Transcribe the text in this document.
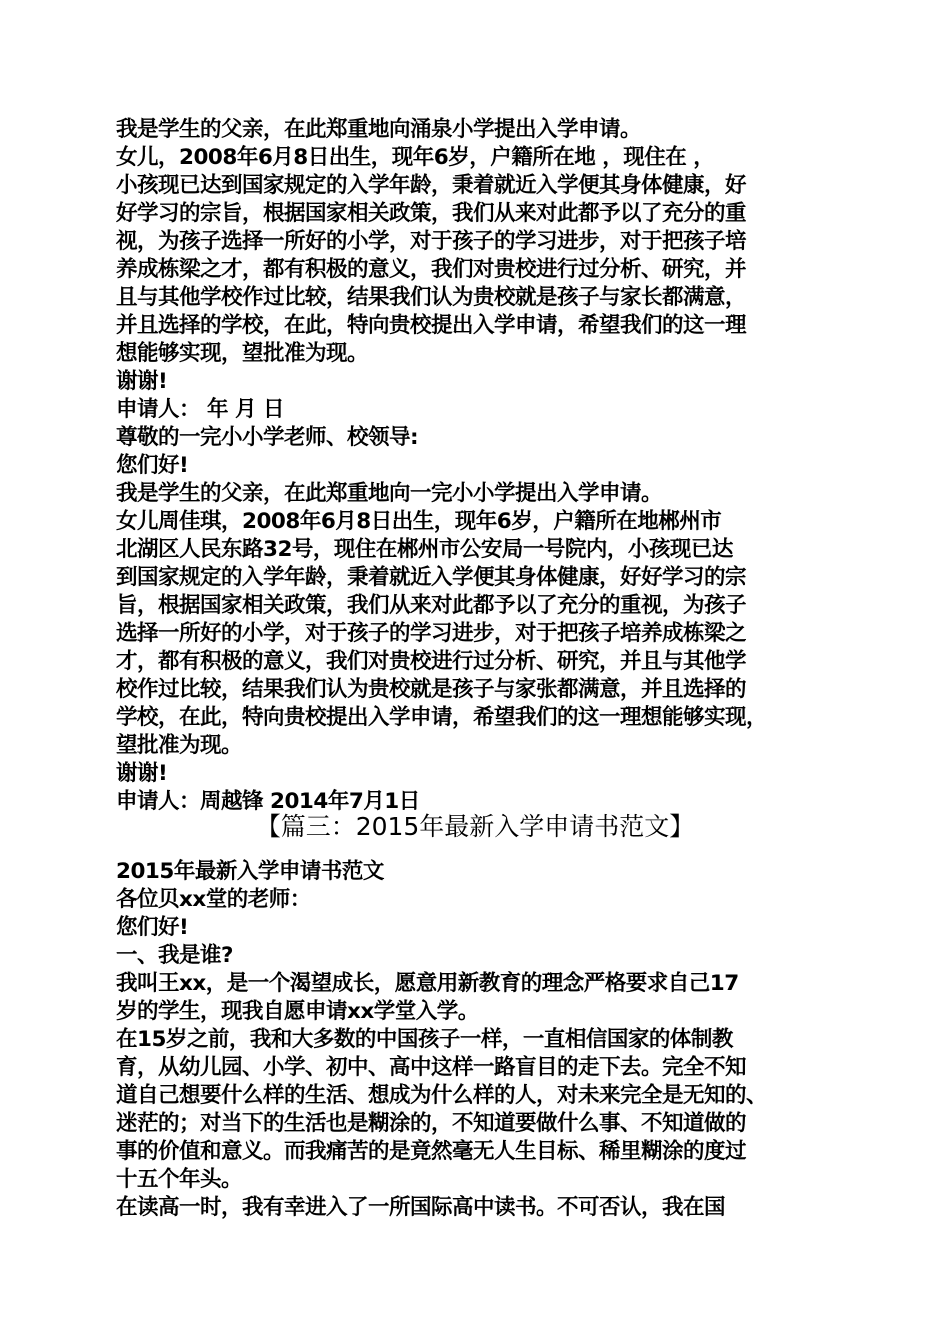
我是学生的父亲，在此郑重地向涌泉小学提出入学申请。
女儿，2008年6月8日出生，现年6岁，户籍所在地 ，现住在 ，
小孩现已达到国家规定的入学年龄，秉着就近入学便其身体健康，好
好学习的宗旨，根据国家相关政策，我们从来对此都予以了充分的重
视，为孩子选择一所好的小学，对于孩子的学习进步，对于把孩子培
养成栋梁之才，都有积极的意义，我们对贵校进行过分析、研究，并
且与其他学校作过比较，结果我们认为贵校就是孩子与家长都满意，
并且选择的学校，在此，特向贵校提出入学申请，希望我们的这一理
想能够实现，望批准为现。
谢谢!
申请人： 年 月 日
尊敬的一完小小学老师、校领导:
您们好!
我是学生的父亲，在此郑重地向一完小小学提出入学申请。
女儿周佳琪，2008年6月8日出生，现年6岁，户籍所在地郴州市
北湖区人民东路32号，现住在郴州市公安局一号院内，小孩现已达
到国家规定的入学年龄，秉着就近入学便其身体健康，好好学习的宗
旨，根据国家相关政策，我们从来对此都予以了充分的重视，为孩子
选择一所好的小学，对于孩子的学习进步，对于把孩子培养成栋梁之
才，都有积极的意义，我们对贵校进行过分析、研究，并且与其他学
校作过比较，结果我们认为贵校就是孩子与家张都满意，并且选择的
学校，在此，特向贵校提出入学申请，希望我们的这一理想能够实现，
望批准为现。
谢谢!
申请人：周越锋 2014年7月1日
【篇三：2015年最新入学申请书范文】
2015年最新入学申请书范文
各位贝xx堂的老师：
您们好!
一、我是谁?
我叫王xx，是一个渴望成长，愿意用新教育的理念严格要求自己17
岁的学生，现我自愿申请xx学堂入学。
在15岁之前，我和大多数的中国孩子一样，一直相信国家的体制教
育，从幼儿园、小学、初中、高中这样一路盲目的走下去。完全不知
道自己想要什么样的生活、想成为什么样的人，对未来完全是无知的、
迷茫的；对当下的生活也是糊涂的，不知道要做什么事、不知道做的
事的价值和意义。而我痛苦的是竟然毫无人生目标、稀里糊涂的度过
十五个年头。
在读高一时，我有幸进入了一所国际高中读书。不可否认，我在国
